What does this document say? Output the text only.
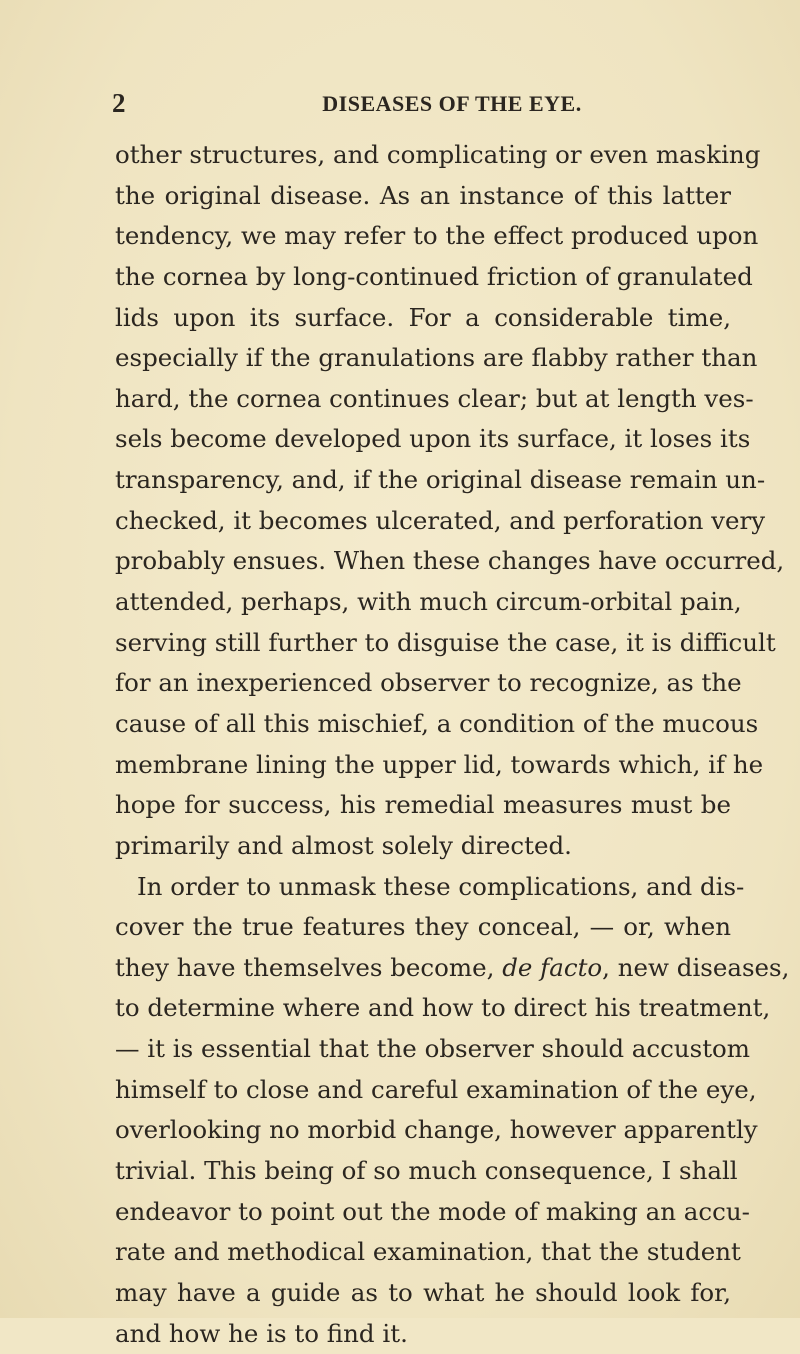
2	DISEASES OF THE EYE.
other structures, and complicating or even masking
the original disease. As an instance of this latter
tendency, we may refer to the effect produced upon
the cornea by long-continued friction of granulated
lids upon its surface. For a considerable time,
especially if the granulations are flabby rather than
hard, the cornea continues clear; but at length ves-
sels become developed upon its surface, it loses its
transparency, and, if the original disease remain un-
checked, it becomes ulcerated, and perforation very
probably ensues. When these changes have occurred,
attended, perhaps, with much circum-orbital pain,
serving still further to disguise the case, it is difficult
for an inexperienced observer to recognize, as the
cause of all this mischief, a condition of the mucous
membrane lining the upper lid, towards which, if he
hope for success, his remedial measures must be
primarily and almost solely directed.
In order to unmask these complications, and dis-
cover the true features they conceal, — or, when
they have themselves become, de facto, new diseases,
to determine where and how to direct his treatment,
— it is essential that the observer should accustom
himself to close and careful examination of the eye,
overlooking no morbid change, however apparently
trivial. This being of so much consequence, I shall
endeavor to point out the mode of making an accu-
rate and methodical examination, that the student
may have a guide as to what he should look for,
and how he is to find it.
